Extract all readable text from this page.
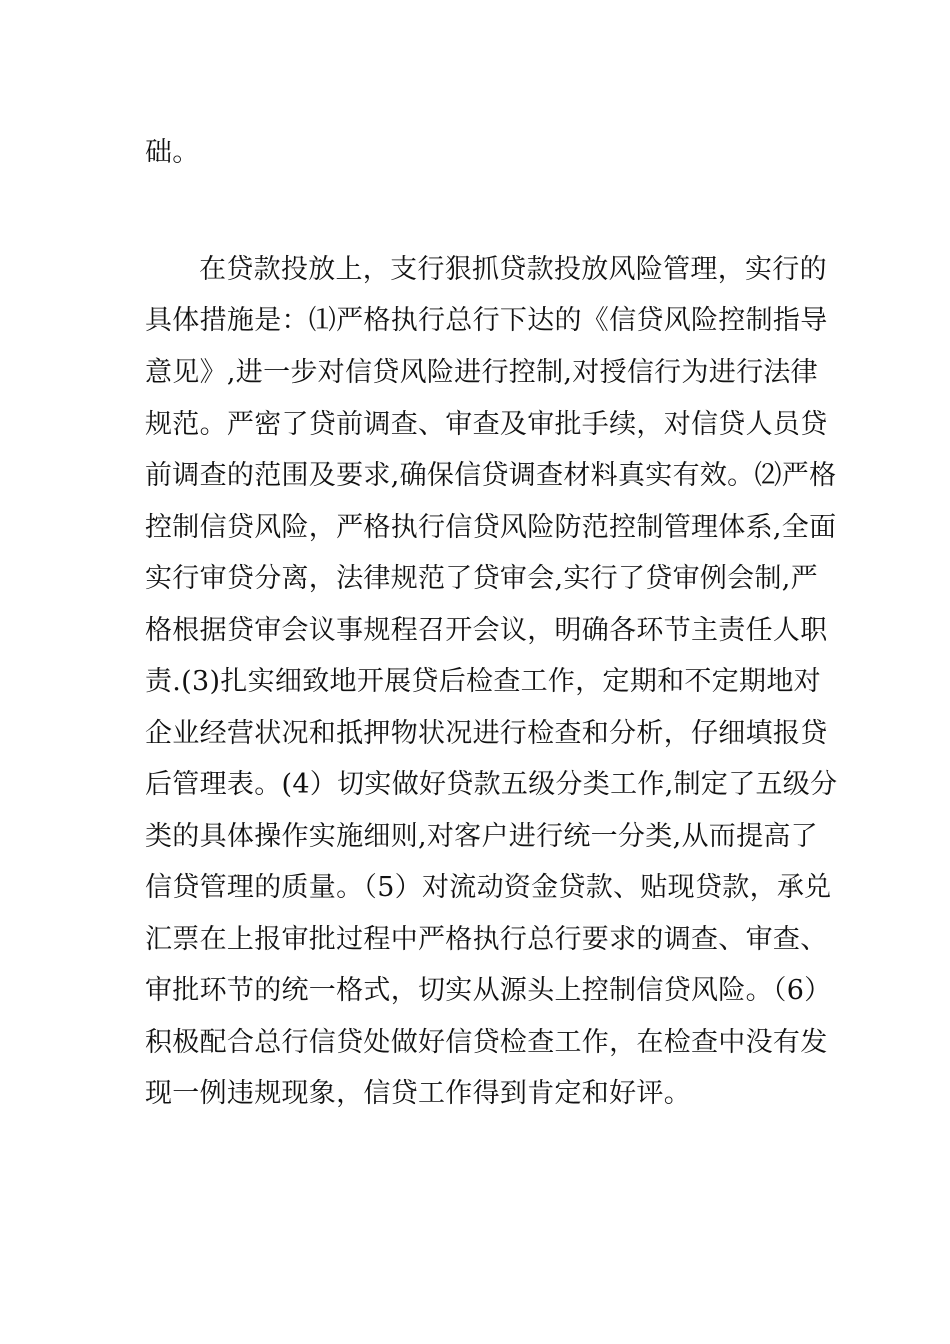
础。
在贷款投放上，支行狠抓贷款投放风险管理，实行的
具体措施是：⑴严格执行总行下达的《信贷风险控制指导
意见》,进一步对信贷风险进行控制,对授信行为进行法律
规范。严密了贷前调查、审查及审批手续，对信贷人员贷
前调查的范围及要求,确保信贷调查材料真实有效。⑵严格
控制信贷风险，严格执行信贷风险防范控制管理体系,全面
实行审贷分离，法律规范了贷审会,实行了贷审例会制,严
格根据贷审会议事规程召开会议，明确各环节主责任人职
责.(3)扎实细致地开展贷后检查工作，定期和不定期地对
企业经营状况和抵押物状况进行检查和分析，仔细填报贷
后管理表。(4）切实做好贷款五级分类工作,制定了五级分
类的具体操作实施细则,对客户进行统一分类,从而提高了
信贷管理的质量。（5）对流动资金贷款、贴现贷款，承兑
汇票在上报审批过程中严格执行总行要求的调查、审查、
审批环节的统一格式，切实从源头上控制信贷风险。（6）
积极配合总行信贷处做好信贷检查工作，在检查中没有发
现一例违规现象，信贷工作得到肯定和好评。
